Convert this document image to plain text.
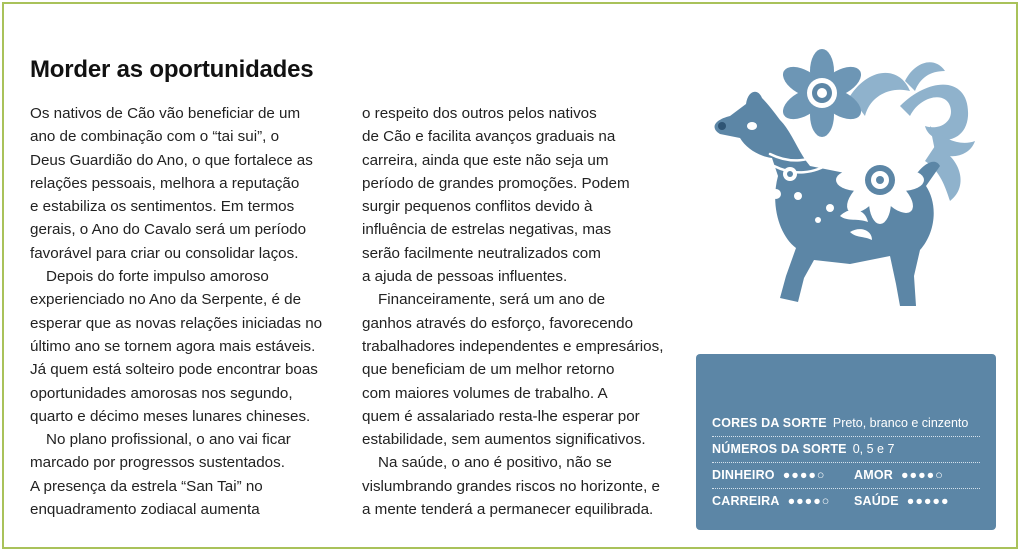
Morder as oportunidades

Os nativos de Cão vão beneficiar de um

ano de combinação com o “tai sui”, o

Deus Guardião do Ano, o que fortalece as

relações pessoais, melhora a reputação

e estabiliza os sentimentos. Em termos

gerais, o Ano do Cavalo será um período

favorável para criar ou consolidar laços.

Depois do forte impulso amoroso

experienciado no Ano da Serpente, é de

esperar que as novas relações iniciadas no

último ano se tornem agora mais estáveis.

Já quem está solteiro pode encontrar boas

oportunidades amorosas nos segundo,

quarto e décimo meses lunares chineses.

No plano profissional, o ano vai ficar

marcado por progressos sustentados.

A presença da estrela “San Tai” no

enquadramento zodiacal aumenta

o respeito dos outros pelos nativos

de Cão e facilita avanços graduais na

carreira, ainda que este não seja um

período de grandes promoções. Podem

surgir pequenos conflitos devido à

influência de estrelas negativas, mas

serão facilmente neutralizados com

a ajuda de pessoas influentes.

Financeiramente, será um ano de

ganhos através do esforço, favorecendo

trabalhadores independentes e empresários,

que beneficiam de um melhor retorno

com maiores volumes de trabalho. A

quem é assalariado resta-lhe esperar por

estabilidade, sem aumentos significativos.

Na saúde, o ano é positivo, não se

vislumbrando grandes riscos no horizonte, e

a mente tenderá a permanecer equilibrada.

CORES DA SORTE Preto, branco e cinzento
NÚMEROS DA SORTE 0, 5 e 7
DINHEIRO ●●●●○ AMOR ●●●●○
CARREIRA ●●●●○ SAÚDE ●●●●●
